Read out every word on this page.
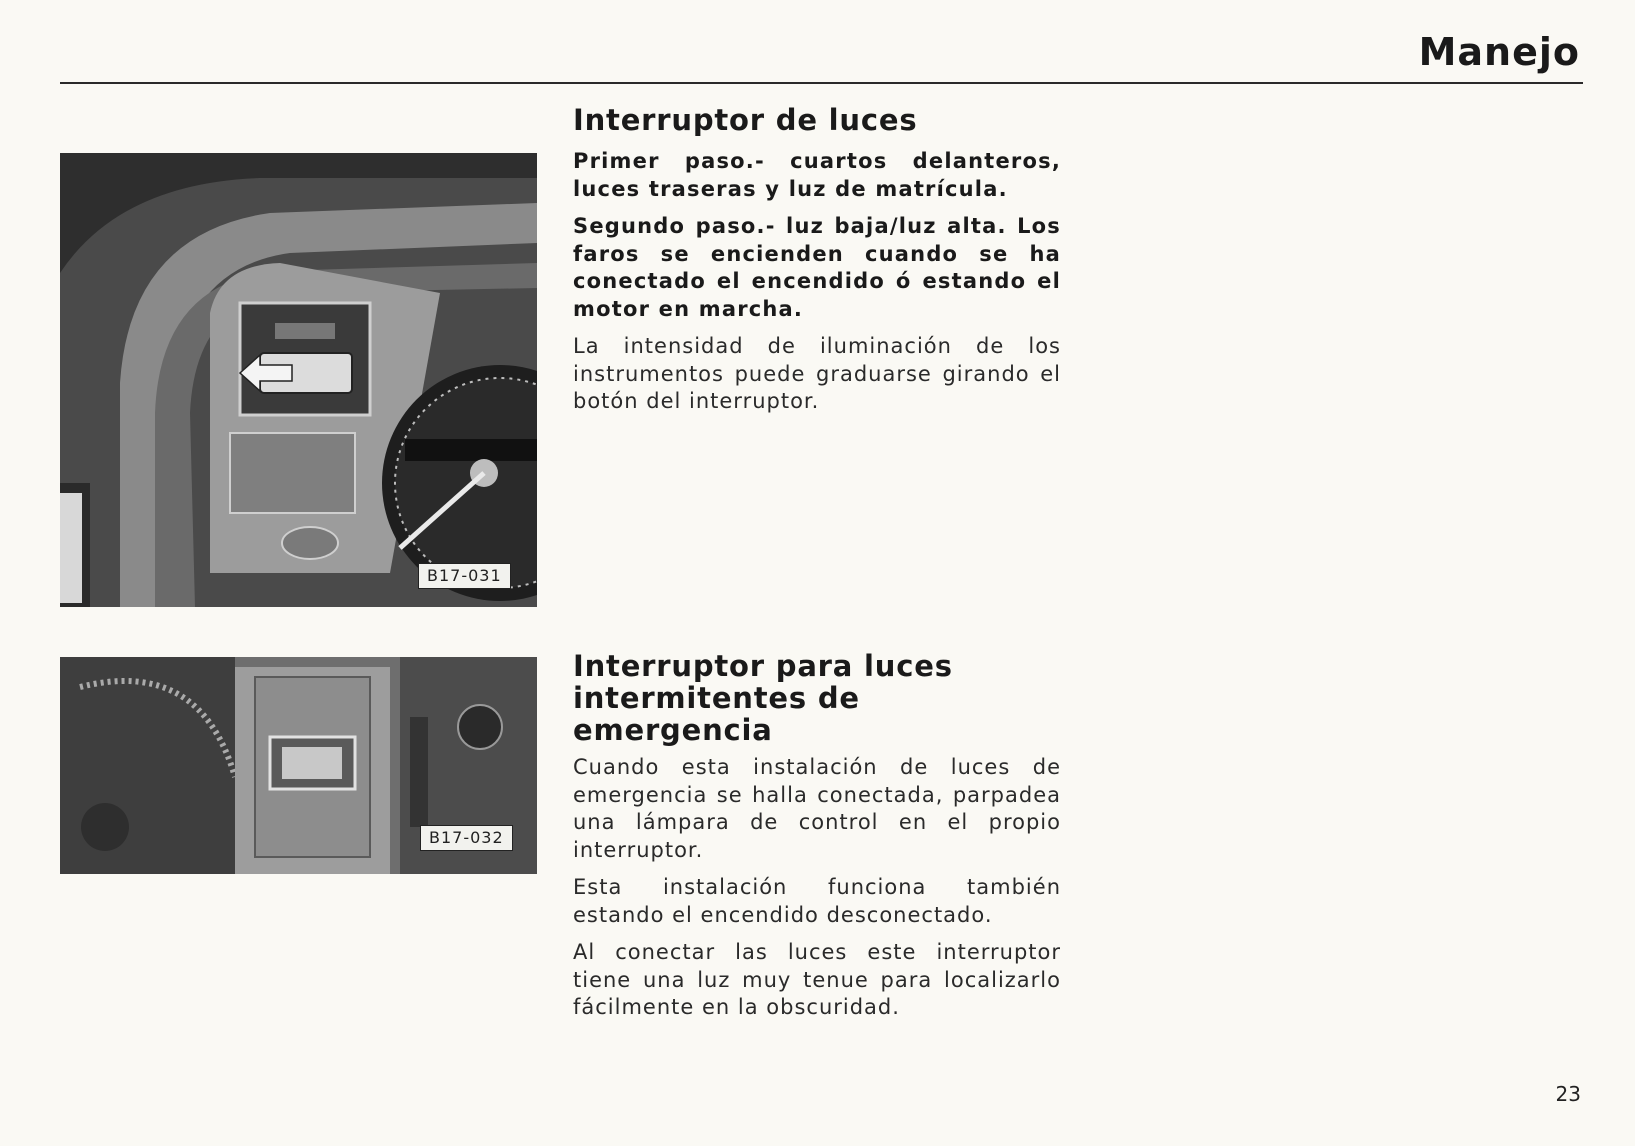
Manejo
B17-031
B17-032
Interruptor de luces

Primer paso.- cuartos delanteros, luces traseras y luz de matrícula.

Segundo paso.- luz baja/luz alta. Los faros se encienden cuando se ha conectado el encendido ó estando el motor en marcha.

La intensidad de iluminación de los instrumentos puede graduarse girando el botón del interruptor.

Interruptor para luces
intermitentes de emergencia

Cuando esta instalación de luces de emergencia se halla conectada, parpadea una lámpara de control en el propio interruptor.

Esta instalación funciona también estando el encendido desconectado.

Al conectar las luces este interruptor tiene una luz muy tenue para localizarlo fácilmente en la obscuridad.

23
